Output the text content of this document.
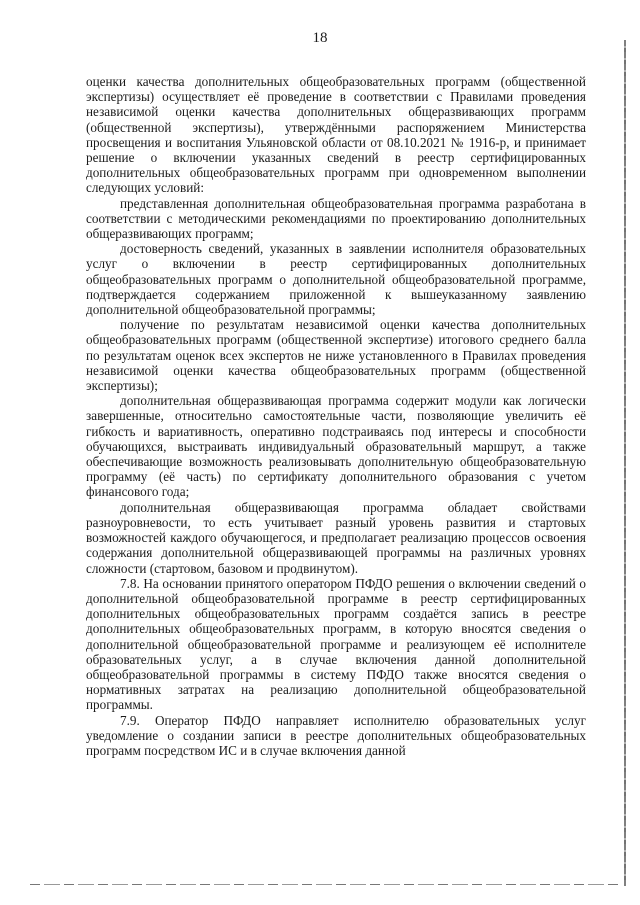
18

оценки качества дополнительных общеобразовательных программ (общественной экспертизы) осуществляет её проведение в соответствии с Правилами проведения независимой оценки качества дополнительных общеразвивающих программ (общественной экспертизы), утверждёнными распоряжением Министерства просвещения и воспитания Ульяновской области от 08.10.2021 № 1916-р, и принимает решение о включении указанных сведений в реестр сертифицированных дополнительных общеобразовательных программ при одновременном выполнении следующих условий:

представленная дополнительная общеобразовательная программа разработана в соответствии с методическими рекомендациями по проектированию дополнительных общеразвивающих программ;

достоверность сведений, указанных в заявлении исполнителя образовательных услуг о включении в реестр сертифицированных дополнительных общеобразовательных программ о дополнительной общеобразовательной программе, подтверждается содержанием приложенной к вышеуказанному заявлению дополнительной общеобразовательной программы;

получение по результатам независимой оценки качества дополнительных общеобразовательных программ (общественной экспертизе) итогового среднего балла по результатам оценок всех экспертов не ниже установленного в Правилах проведения независимой оценки качества общеобразовательных программ (общественной экспертизы);

дополнительная общеразвивающая программа содержит модули как логически завершенные, относительно самостоятельные части, позволяющие увеличить её гибкость и вариативность, оперативно подстраиваясь под интересы и способности обучающихся, выстраивать индивидуальный образовательный маршрут, а также обеспечивающие возможность реализовывать дополнительную общеобразовательную программу (её часть) по сертификату дополнительного образования с учетом финансового года;

дополнительная общеразвивающая программа обладает свойствами разноуровневости, то есть учитывает разный уровень развития и стартовых возможностей каждого обучающегося, и предполагает реализацию процессов освоения содержания дополнительной общеразвивающей программы на различных уровнях сложности (стартовом, базовом и продвинутом).

7.8. На основании принятого оператором ПФДО решения о включении сведений о дополнительной общеобразовательной программе в реестр сертифицированных дополнительных общеобразовательных программ создаётся запись в реестре дополнительных общеобразовательных программ, в которую вносятся сведения о дополнительной общеобразовательной программе и реализующем её исполнителе образовательных услуг, а в случае включения данной дополнительной общеобразовательной программы в систему ПФДО также вносятся сведения о нормативных затратах на реализацию дополнительной общеобразовательной программы.

7.9. Оператор ПФДО направляет исполнителю образовательных услуг уведомление о создании записи в реестре дополнительных общеобразовательных программ посредством ИС и в случае включения данной
